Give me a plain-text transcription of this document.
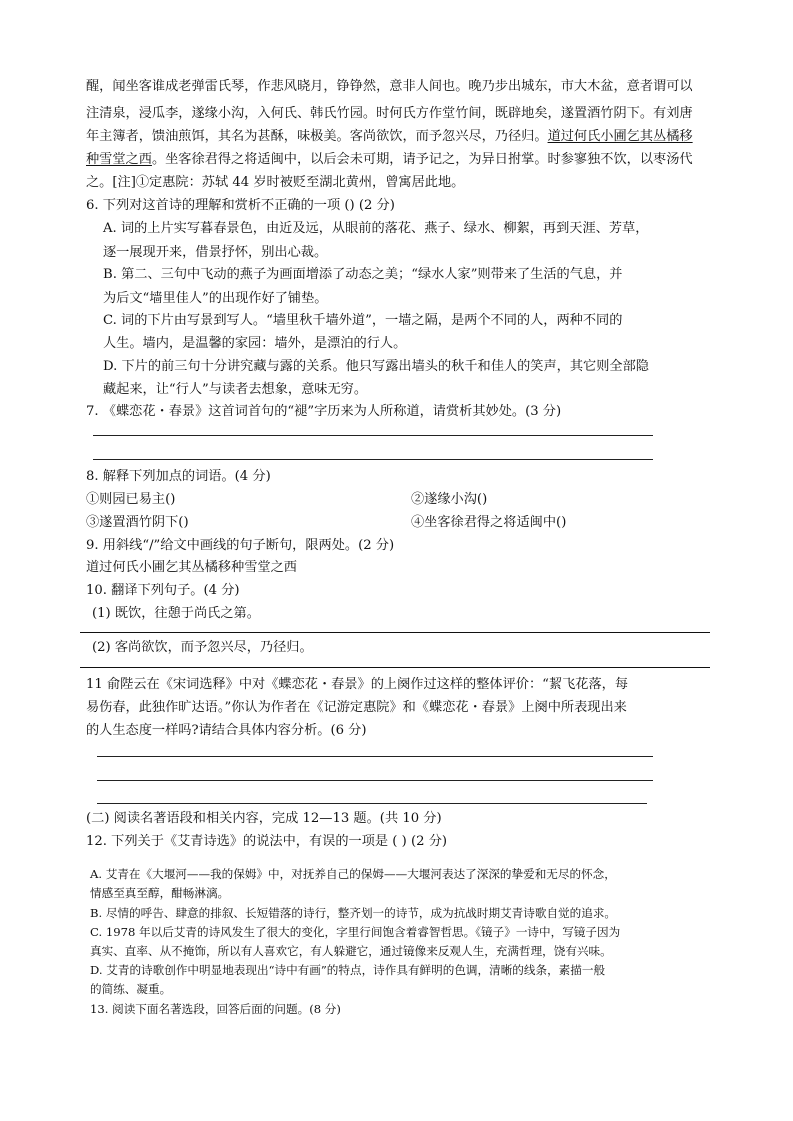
醒，闻坐客谁成老弹雷氏琴，作悲风晓月，铮铮然，意非人间也。晚乃步出城东，市大木盆，意者谓可以
注清泉，浸瓜李，遂缘小沟，入何氏、韩氏竹园。时何氏方作堂竹间，既辟地矣，遂置酒竹阴下。有刘唐
年主簿者，馈油煎饵，其名为甚酥，味极美。客尚欲饮，而予忽兴尽，乃径归。道过何氏小圃乞其丛橘移
种雪堂之西。坐客徐君得之将适闽中，以后会未可期，请予记之，为异日拊掌。时参寥独不饮，以枣汤代
之。[注]①定惠院：苏轼 44 岁时被贬至湖北黄州，曾寓居此地。
6. 下列对这首诗的理解和赏析不正确的一项 () (2 分)
A. 词的上片实写暮春景色，由近及远，从眼前的落花、燕子、绿水、柳絮，再到天涯、芳草，
逐一展现开来，借景抒怀，别出心裁。
B. 第二、三句中飞动的燕子为画面增添了动态之美；“绿水人家”则带来了生活的气息，并
为后文“墙里佳人”的出现作好了铺垫。
C. 词的下片由写景到写人。“墙里秋千墙外道”，一墙之隔，是两个不同的人，两种不同的
人生。墙内，是温馨的家园：墙外，是漂泊的行人。
D. 下片的前三句十分讲究藏与露的关系。他只写露出墙头的秋千和佳人的笑声，其它则全部隐
藏起来，让“行人”与读者去想象，意味无穷。
7. 《蝶恋花・春景》这首词首句的“褪”字历来为人所称道，请赏析其妙处。(3 分)
8. 解释下列加点的词语。(4 分)
①则园已易主()	②遂缘小沟()
③遂置酒竹阴下()	④坐客徐君得之将适闽中()
9. 用斜线“/”给文中画线的句子断句，限两处。(2 分)
道过何氏小圃乞其丛橘移种雪堂之西
10. 翻译下列句子。(4 分)
(1) 既饮，往憩于尚氏之第。
(2) 客尚欲饮，而予忽兴尽，乃径归。
11 俞陛云在《宋词选释》中对《蝶恋花・春景》的上阕作过这样的整体评价：“絜飞花落，每
易伤春，此独作旷达语。”你认为作者在《记游定惠院》和《蝶恋花・春景》上阕中所表现出来
的人生态度一样吗?请结合具体内容分析。(6 分)
(二) 阅读名著语段和相关内容，完成 12—13 题。(共 10 分)
12. 下列关于《艾青诗选》的说法中，有误的一项是 ( ) (2 分)
A. 艾青在《大堰河——我的保姆》中，对抚养自己的保姆——大堰河表达了深深的挚爱和无尽的怀念，
情感至真至醇，酣畅淋漓。
B. 尽情的呼告、肆意的排叙、长短错落的诗行，整齐划一的诗节，成为抗战时期艾青诗歌自觉的追求。
C. 1978 年以后艾青的诗风发生了很大的变化，字里行间饱含着睿智哲思。《镜子》一诗中，写镜子因为
真实、直率、从不掩饰，所以有人喜欢它，有人躲避它，通过镜像来反观人生，充满哲理，饶有兴味。
D. 艾青的诗歌创作中明显地表现出“诗中有画”的特点，诗作具有鲜明的色调，清晰的线条，素描一般
的简练、凝重。
13. 阅读下面名著选段，回答后面的问题。(8 分)
